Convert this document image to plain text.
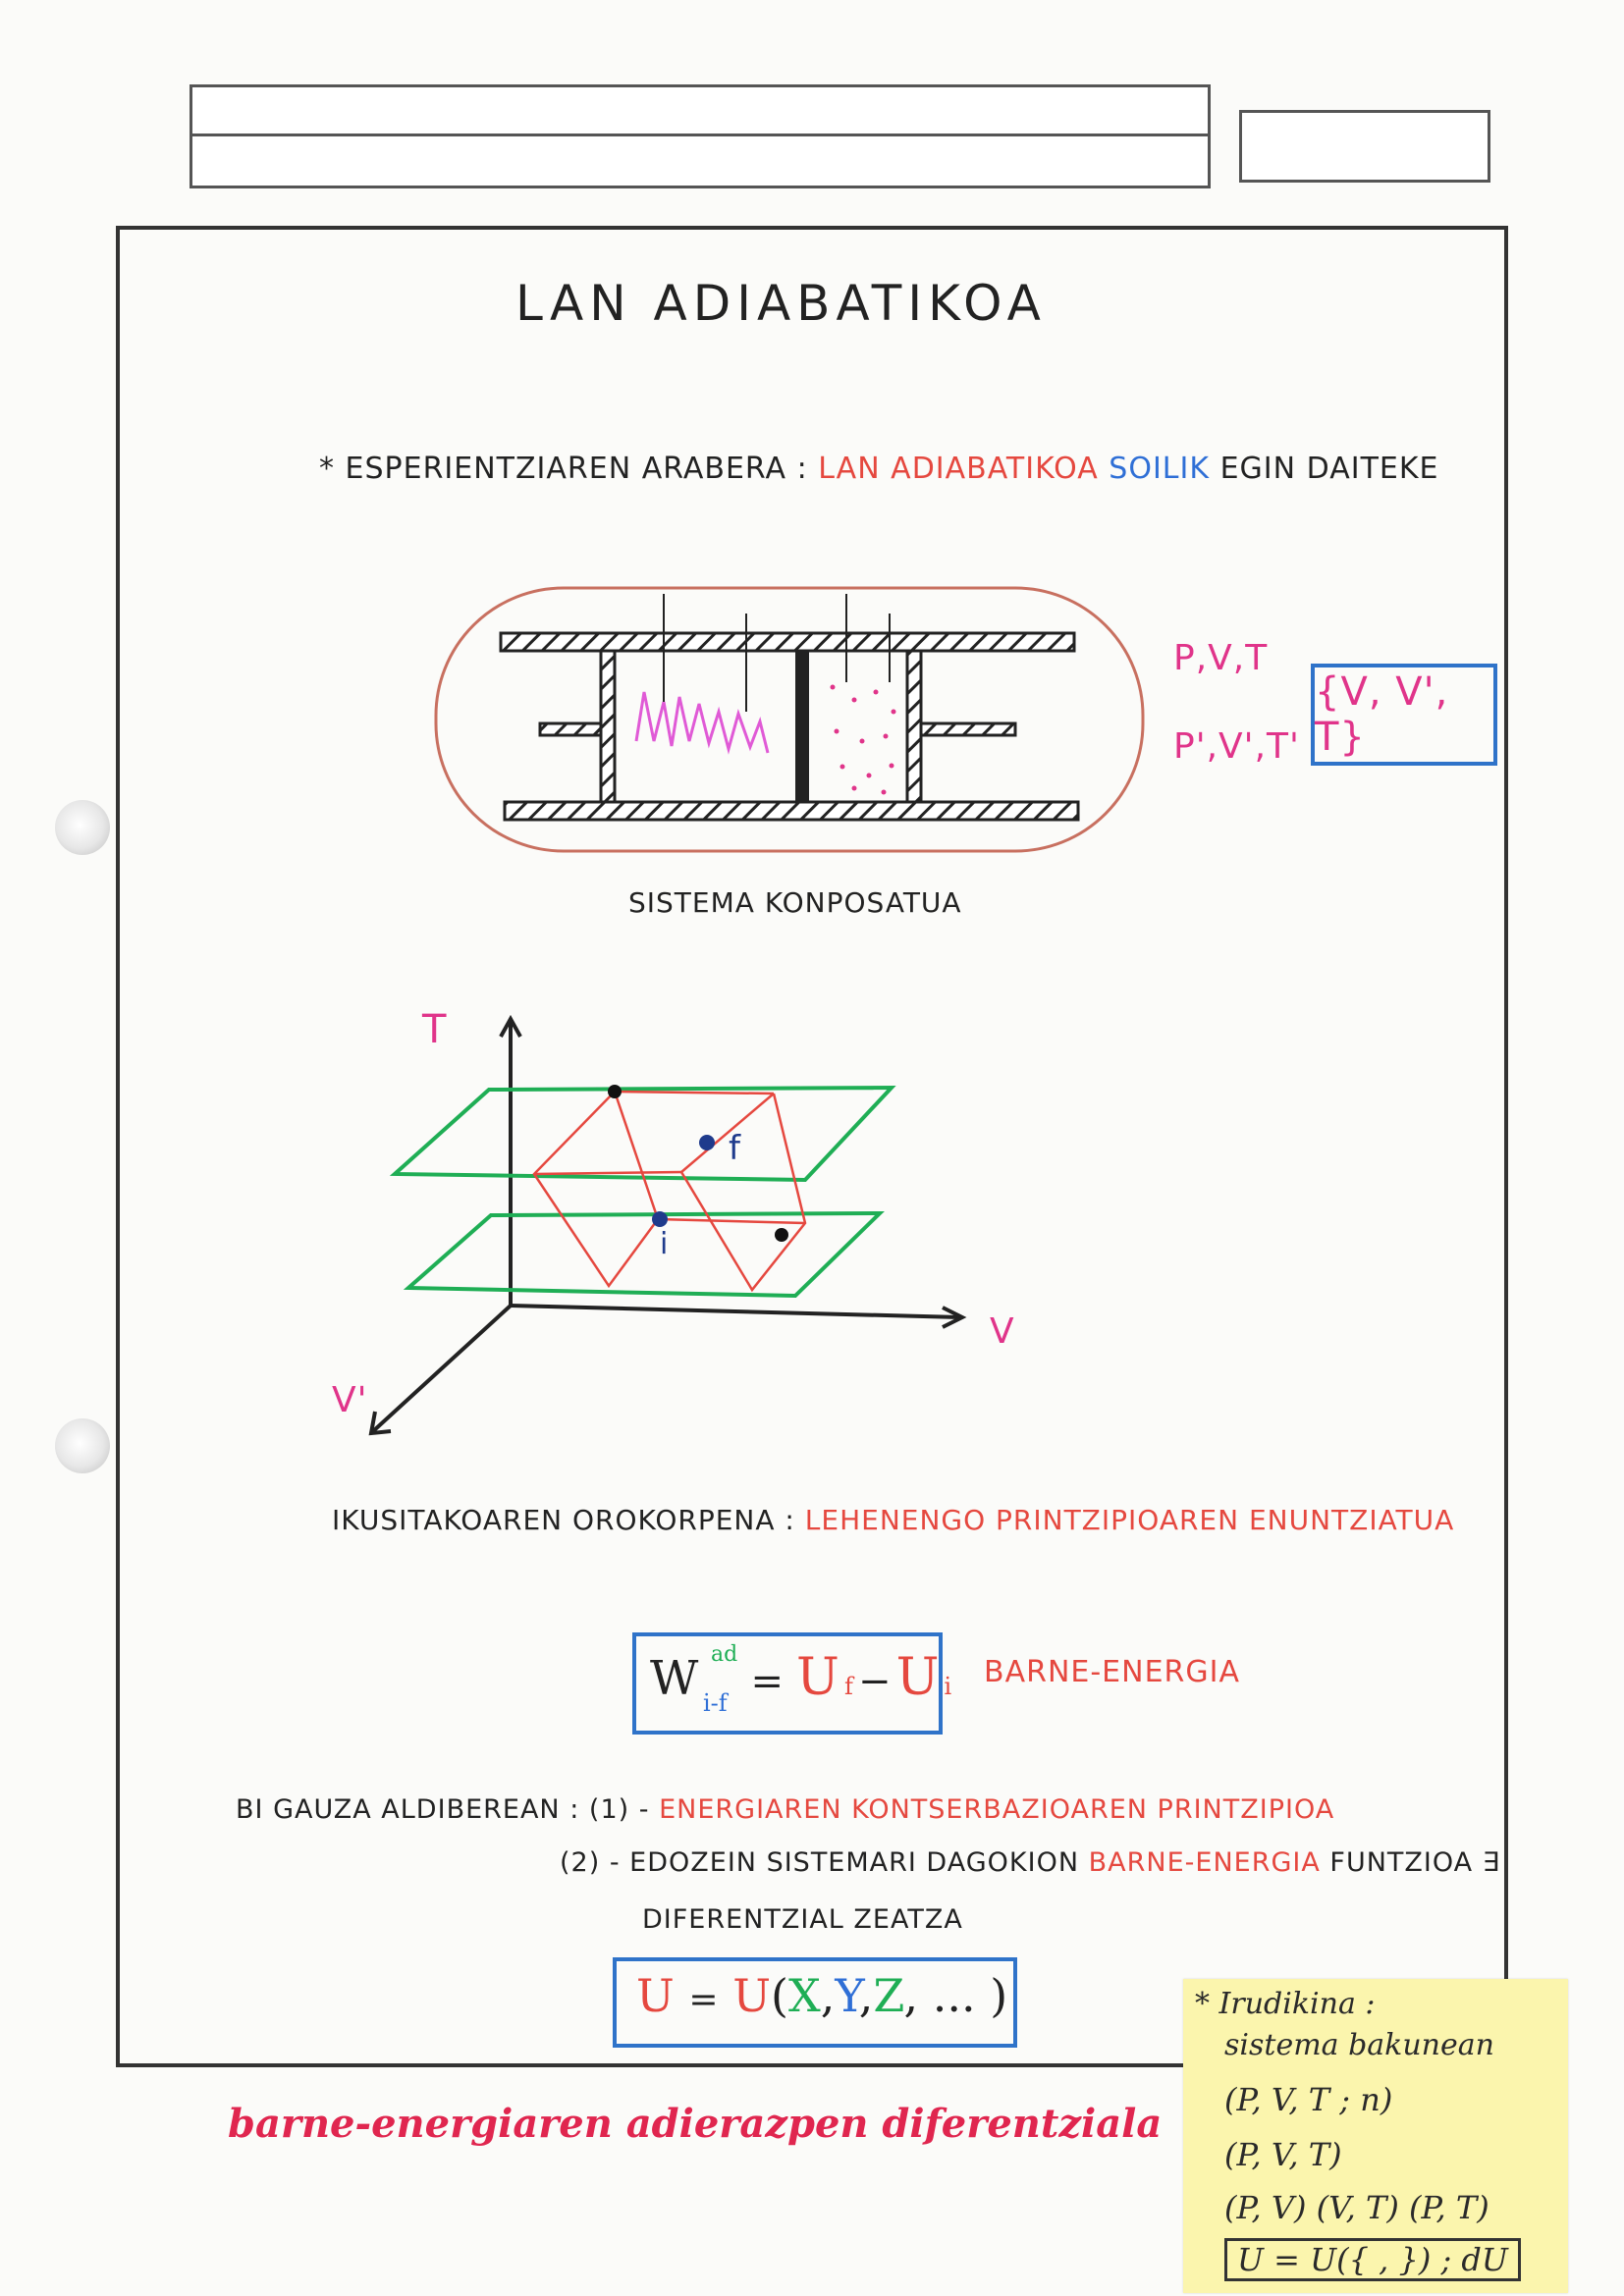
LAN ADIABATIKOA
* ESPERIENTZIAREN ARABERA : LAN ADIABATIKOA SOILIK EGIN DAITEKE
P,V,T
P',V',T'
{V, V', T}
SISTEMA KONPOSATUA
T
V
V'
f
i
IKUSITAKOAREN OROKORPENA : LEHENENGO PRINTZIPIOAREN ENUNTZIATUA
W ad
i-f = U f − U i BARNE-ENERGIA
BI GAUZA ALDIBEREAN : (1) - ENERGIAREN KONTSERBAZIOAREN PRINTZIPIOA
(2) - EDOZEIN SISTEMARI DAGOKION BARNE-ENERGIA FUNTZIOA ∃
DIFERENTZIAL ZEATZA
U = U(X,Y,Z, ... )
barne-energiaren adierazpen diferentziala
* Irudikina :
sistema bakunean
(P, V, T ; n)
(P, V, T)
(P, V) (V, T) (P, T)
U = U({ , }) ; dU
